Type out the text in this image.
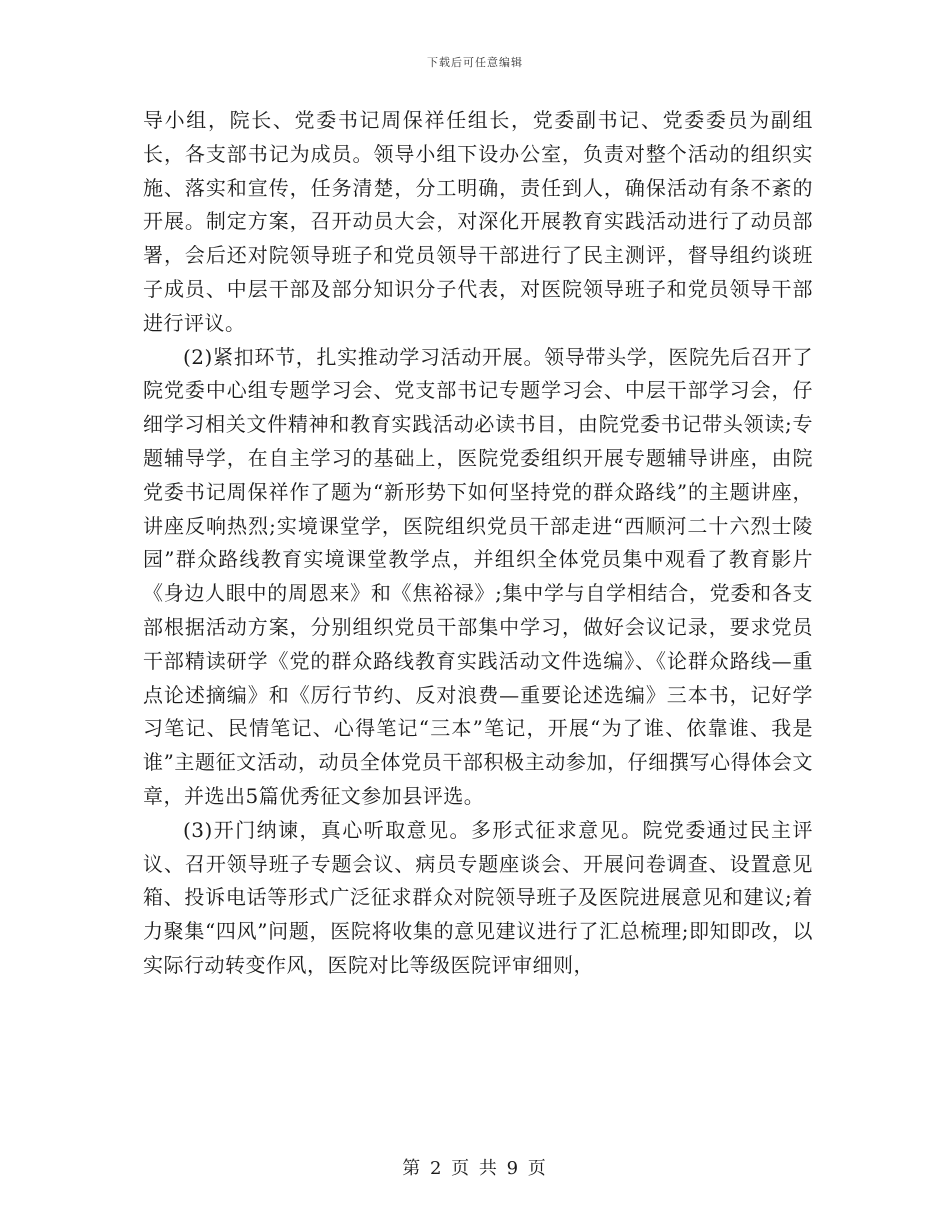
下载后可任意编辑

导小组，院长、党委书记周保祥任组长，党委副书记、党委委员为副组长，各支部书记为成员。领导小组下设办公室，负责对整个活动的组织实施、落实和宣传，任务清楚，分工明确，责任到人，确保活动有条不紊的开展。制定方案，召开动员大会，对深化开展教育实践活动进行了动员部署，会后还对院领导班子和党员领导干部进行了民主测评，督导组约谈班子成员、中层干部及部分知识分子代表，对医院领导班子和党员领导干部进行评议。

(2)紧扣环节，扎实推动学习活动开展。领导带头学，医院先后召开了院党委中心组专题学习会、党支部书记专题学习会、中层干部学习会，仔细学习相关文件精神和教育实践活动必读书目，由院党委书记带头领读;专题辅导学，在自主学习的基础上，医院党委组织开展专题辅导讲座，由院党委书记周保祥作了题为“新形势下如何坚持党的群众路线”的主题讲座，讲座反响热烈;实境课堂学，医院组织党员干部走进“西顺河二十六烈士陵园”群众路线教育实境课堂教学点，并组织全体党员集中观看了教育影片《身边人眼中的周恩来》和《焦裕禄》;集中学与自学相结合，党委和各支部根据活动方案，分别组织党员干部集中学习，做好会议记录，要求党员干部精读研学《党的群众路线教育实践活动文件选编》、《论群众路线—重点论述摘编》和《厉行节约、反对浪费—重要论述选编》三本书，记好学习笔记、民情笔记、心得笔记“三本”笔记，开展“为了谁、依靠谁、我是谁”主题征文活动，动员全体党员干部积极主动参加，仔细撰写心得体会文章，并选出5篇优秀征文参加县评选。

(3)开门纳谏，真心听取意见。多形式征求意见。院党委通过民主评议、召开领导班子专题会议、病员专题座谈会、开展问卷调查、设置意见箱、投诉电话等形式广泛征求群众对院领导班子及医院进展意见和建议;着力聚集“四风”问题，医院将收集的意见建议进行了汇总梳理;即知即改，以实际行动转变作风，医院对比等级医院评审细则，

第 2 页 共 9 页
